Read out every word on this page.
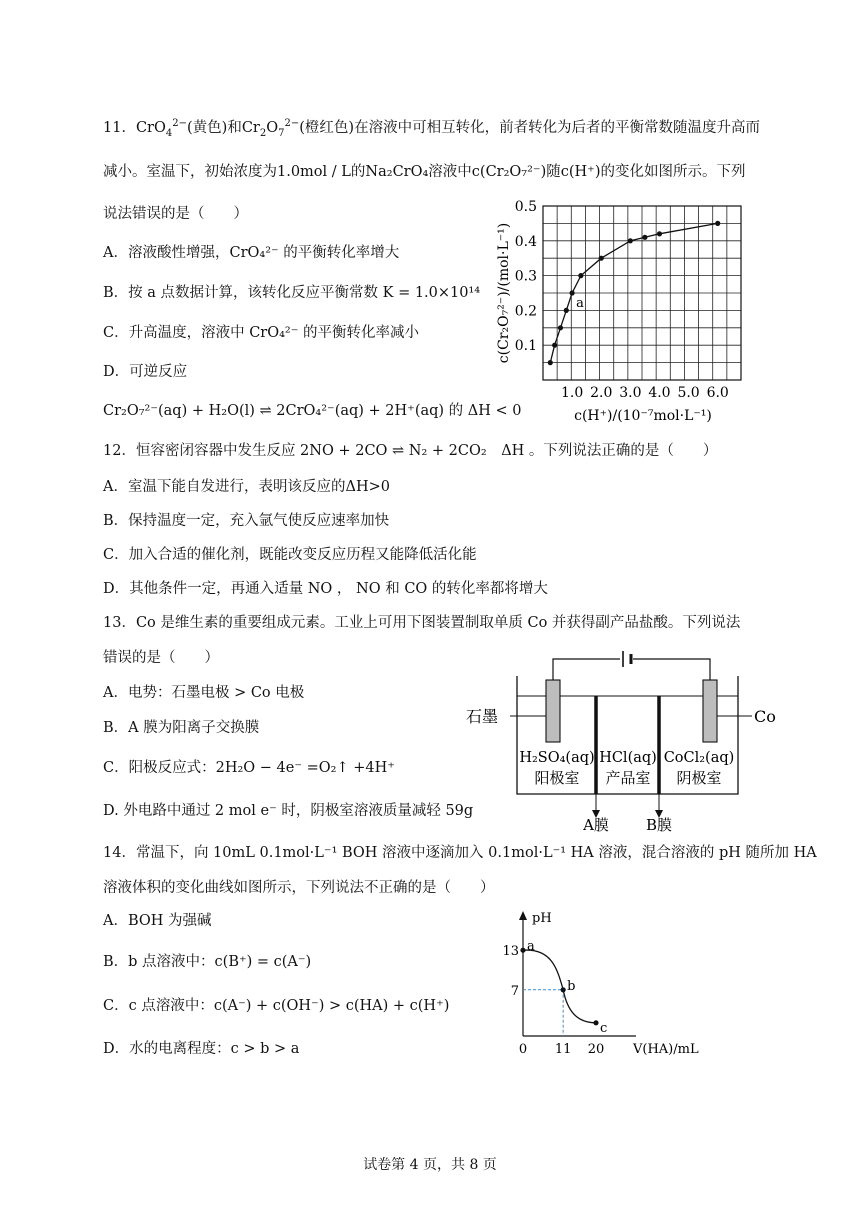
11．CrO$_4^{2-}$(黄色)和$Cr_2O_7^{2-}$(橙红色)在溶液中可相互转化，前者转化为后者的平衡常数随温度升高而
减小。室温下，初始浓度为1.0mol / L的Na₂CrO₄溶液中c(Cr₂O₇²⁻)随c(H⁺)的变化如图所示。下列
说法错误的是（　　）
A．溶液酸性增强，CrO₄²⁻ 的平衡转化率增大
B．按 a 点数据计算，该转化反应平衡常数 K = 1.0×10¹⁴
C．升高温度，溶液中 CrO₄²⁻ 的平衡转化率减小
D．可逆反应
Cr₂O₇²⁻(aq) + H₂O(l) ⇌ 2CrO₄²⁻(aq) + 2H⁺(aq) 的 ΔH < 0
0.1
0.2
0.3
0.4
0.5
1.0 2.0 3.0 4.0 5.0 6.0
a
c(Cr₂O₇²⁻)/(mol·L⁻¹)
c(H⁺)/(10⁻⁷mol·L⁻¹)
12．恒容密闭容器中发生反应 2NO + 2CO ⇌ N₂ + 2CO₂　ΔH 。下列说法正确的是（　　）
A．室温下能自发进行，表明该反应的ΔH>0
B．保持温度一定，充入氩气使反应速率加快
C．加入合适的催化剂，既能改变反应历程又能降低活化能
D．其他条件一定，再通入适量 NO ， NO 和 CO 的转化率都将增大
13．Co 是维生素的重要组成元素。工业上可用下图装置制取单质 Co 并获得副产品盐酸。下列说法
错误的是（　　）
A．电势：石墨电极 > Co 电极
B．A 膜为阳离子交换膜
C．阳极反应式：2H₂O − 4e⁻ =O₂↑ +4H⁺
D. 外电路中通过 2 mol e⁻ 时，阴极室溶液质量减轻 59g
石墨	Co
H₂SO₄(aq)
阳极室
HCl(aq)
产品室
CoCl₂(aq)
阴极室
A膜 B膜
14．常温下，向 10mL 0.1mol·L⁻¹ BOH 溶液中逐滴加入 0.1mol·L⁻¹ HA 溶液，混合溶液的 pH 随所加 HA
溶液体积的变化曲线如图所示，下列说法不正确的是（　　）
A．BOH 为强碱
B．b 点溶液中：c(B⁺) = c(A⁻)
C．c 点溶液中：c(A⁻) + c(OH⁻) > c(HA) + c(H⁺)
D．水的电离程度：c > b > a
pH
V(HA)/mL
0 11 20
13
7
a
b
c
试卷第 4 页，共 8 页
